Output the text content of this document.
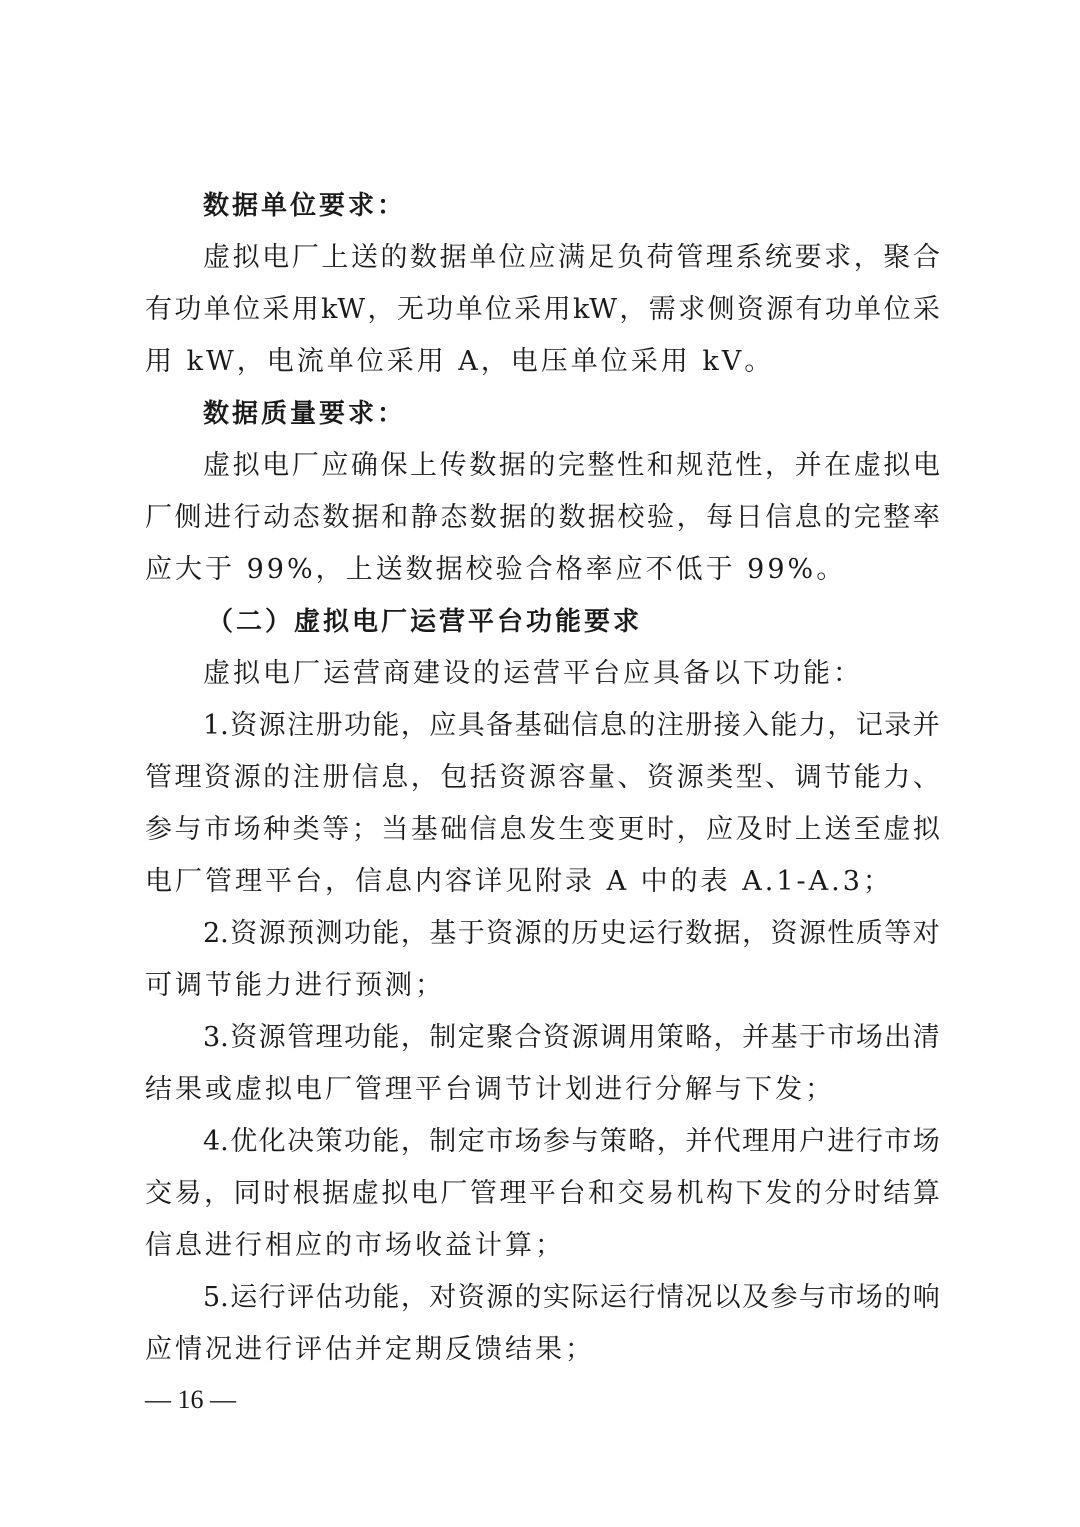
数据单位要求：
虚 拟 电 厂 上 送 的 数 据 单 位 应 满 足 负 荷 管 理 系 统 要 求 ， 聚 合
有 功 单 位 采 用 kW ， 无 功 单 位 采 用 kW ， 需 求 侧 资 源 有 功 单 位 采
用 kW，电流单位采用 A，电压单位采用 kV。
数据质量要求：
虚 拟 电 厂 应 确 保 上 传 数 据 的 完 整 性 和 规 范 性 ， 并 在 虚 拟 电
厂 侧 进 行 动 态 数 据 和 静 态 数 据 的 数 据 校 验 ， 每 日 信 息 的 完 整 率
应大于 99%，上送数据校验合格率应不低于 99%。
（二）虚拟电厂运营平台功能要求
虚拟电厂运营商建设的运营平台应具备以下功能：
1. 资 源 注 册 功 能 ， 应 具 备 基 础 信 息 的 注 册 接 入 能 力 ， 记 录 并
管 理 资 源 的 注 册 信 息 ， 包 括 资 源 容 量 、 资 源 类 型 、 调 节 能 力 、
参 与 市 场 种 类 等 ； 当 基 础 信 息 发 生 变 更 时 ， 应 及 时 上 送 至 虚 拟
电厂管理平台，信息内容详见附录 A 中的表 A.1-A.3；
2. 资 源 预 测 功 能 ， 基 于 资 源 的 历 史 运 行 数 据 ， 资 源 性 质 等 对
可调节能力进行预测；
3. 资 源 管 理 功 能 ， 制 定 聚 合 资 源 调 用 策 略 ， 并 基 于 市 场 出 清
结果或虚拟电厂管理平台调节计划进行分解与下发；
4. 优 化 决 策 功 能 ， 制 定 市 场 参 与 策 略 ， 并 代 理 用 户 进 行 市 场
交 易 ， 同 时 根 据 虚 拟 电 厂 管 理 平 台 和 交 易 机 构 下 发 的 分 时 结 算
信息进行相应的市场收益计算；
5. 运 行 评 估 功 能 ， 对 资 源 的 实 际 运 行 情 况 以 及 参 与 市 场 的 响
应情况进行评估并定期反馈结果；
— 16 —
